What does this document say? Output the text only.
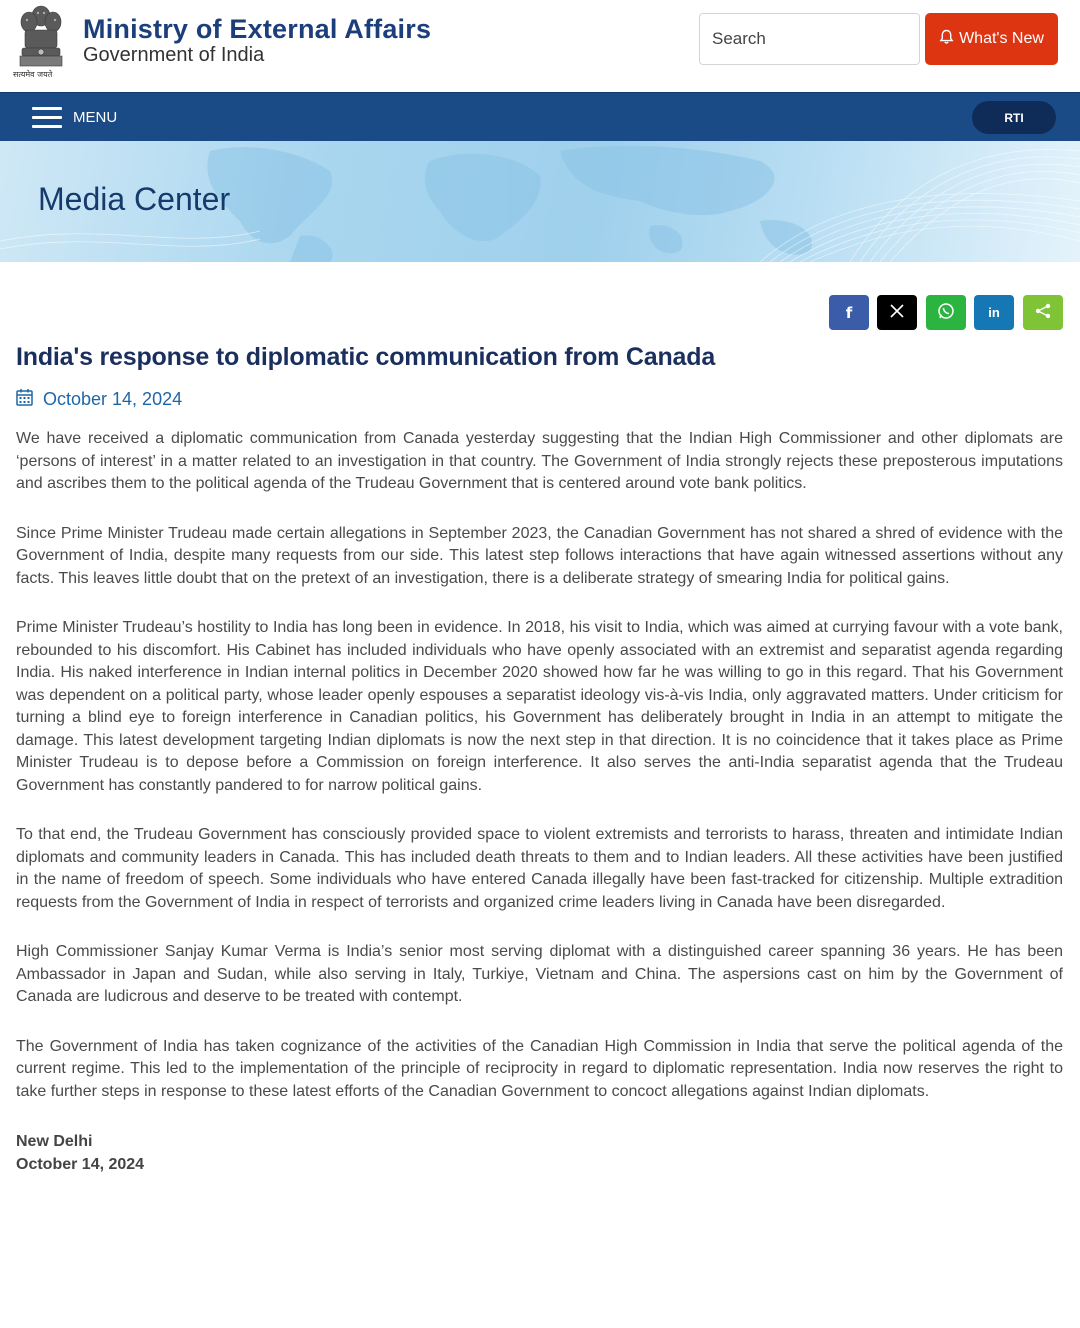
सत्यमेव जयते
Ministry of External Affairs
Government of India
Search
What's New
MENU	RTI
Media Center
f	in
India's response to diplomatic communication from Canada
October 14, 2024

We have received a diplomatic communication from Canada yesterday suggesting that the Indian High Commissioner and other diplomats are ‘persons of interest’ in a matter related to an investigation in that country. The Government of India strongly rejects these preposterous imputations and ascribes them to the political agenda of the Trudeau Government that is centered around vote bank politics.

Since Prime Minister Trudeau made certain allegations in September 2023, the Canadian Government has not shared a shred of evidence with the Government of India, despite many requests from our side. This latest step follows interactions that have again witnessed assertions without any facts. This leaves little doubt that on the pretext of an investigation, there is a deliberate strategy of smearing India for political gains.

Prime Minister Trudeau’s hostility to India has long been in evidence. In 2018, his visit to India, which was aimed at currying favour with a vote bank, rebounded to his discomfort. His Cabinet has included individuals who have openly associated with an extremist and separatist agenda regarding India. His naked interference in Indian internal politics in December 2020 showed how far he was willing to go in this regard. That his Government was dependent on a political party, whose leader openly espouses a separatist ideology vis-à-vis India, only aggravated matters. Under criticism for turning a blind eye to foreign interference in Canadian politics, his Government has deliberately brought in India in an attempt to mitigate the damage. This latest development targeting Indian diplomats is now the next step in that direction. It is no coincidence that it takes place as Prime Minister Trudeau is to depose before a Commission on foreign interference. It also serves the anti-India separatist agenda that the Trudeau Government has constantly pandered to for narrow political gains.

To that end, the Trudeau Government has consciously provided space to violent extremists and terrorists to harass, threaten and intimidate Indian diplomats and community leaders in Canada. This has included death threats to them and to Indian leaders. All these activities have been justified in the name of freedom of speech. Some individuals who have entered Canada illegally have been fast-tracked for citizenship. Multiple extradition requests from the Government of India in respect of terrorists and organized crime leaders living in Canada have been disregarded.

High Commissioner Sanjay Kumar Verma is India’s senior most serving diplomat with a distinguished career spanning 36 years. He has been Ambassador in Japan and Sudan, while also serving in Italy, Turkiye, Vietnam and China. The aspersions cast on him by the Government of Canada are ludicrous and deserve to be treated with contempt.

The Government of India has taken cognizance of the activities of the Canadian High Commission in India that serve the political agenda of the current regime. This led to the implementation of the principle of reciprocity in regard to diplomatic representation. India now reserves the right to take further steps in response to these latest efforts of the Canadian Government to concoct allegations against Indian diplomats.

New Delhi
October 14, 2024
